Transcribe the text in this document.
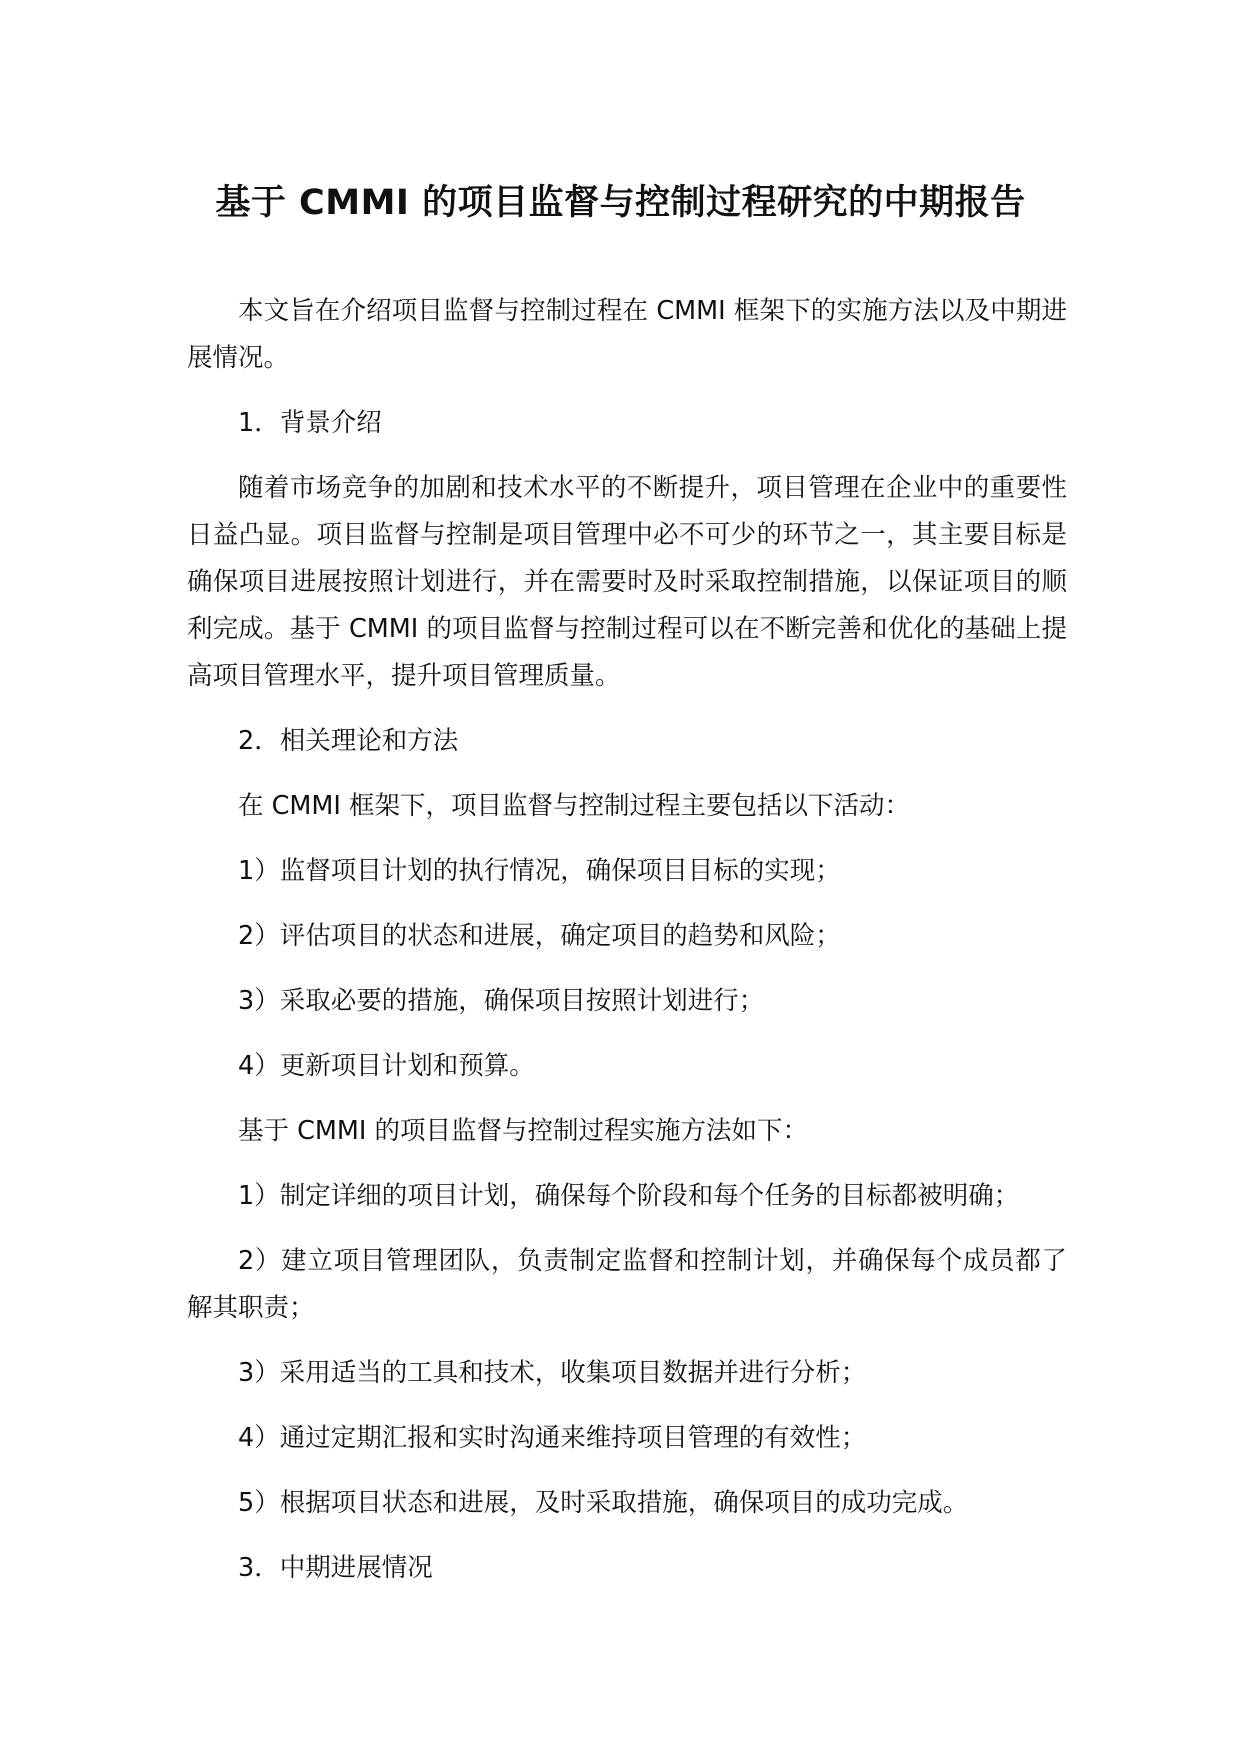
基于 CMMI 的项目监督与控制过程研究的中期报告

本文旨在介绍项目监督与控制过程在 CMMI 框架下的实施方法以及中期进展情况。

1．背景介绍

随着市场竞争的加剧和技术水平的不断提升，项目管理在企业中的重要性日益凸显。项目监督与控制是项目管理中必不可少的环节之一，其主要目标是确保项目进展按照计划进行，并在需要时及时采取控制措施，以保证项目的顺利完成。基于 CMMI 的项目监督与控制过程可以在不断完善和优化的基础上提高项目管理水平，提升项目管理质量。

2．相关理论和方法

在 CMMI 框架下，项目监督与控制过程主要包括以下活动：

1）监督项目计划的执行情况，确保项目目标的实现；

2）评估项目的状态和进展，确定项目的趋势和风险；

3）采取必要的措施，确保项目按照计划进行；

4）更新项目计划和预算。

基于 CMMI 的项目监督与控制过程实施方法如下：

1）制定详细的项目计划，确保每个阶段和每个任务的目标都被明确；

2）建立项目管理团队，负责制定监督和控制计划，并确保每个成员都了解其职责；

3）采用适当的工具和技术，收集项目数据并进行分析；

4）通过定期汇报和实时沟通来维持项目管理的有效性；

5）根据项目状态和进展，及时采取措施，确保项目的成功完成。

3．中期进展情况
